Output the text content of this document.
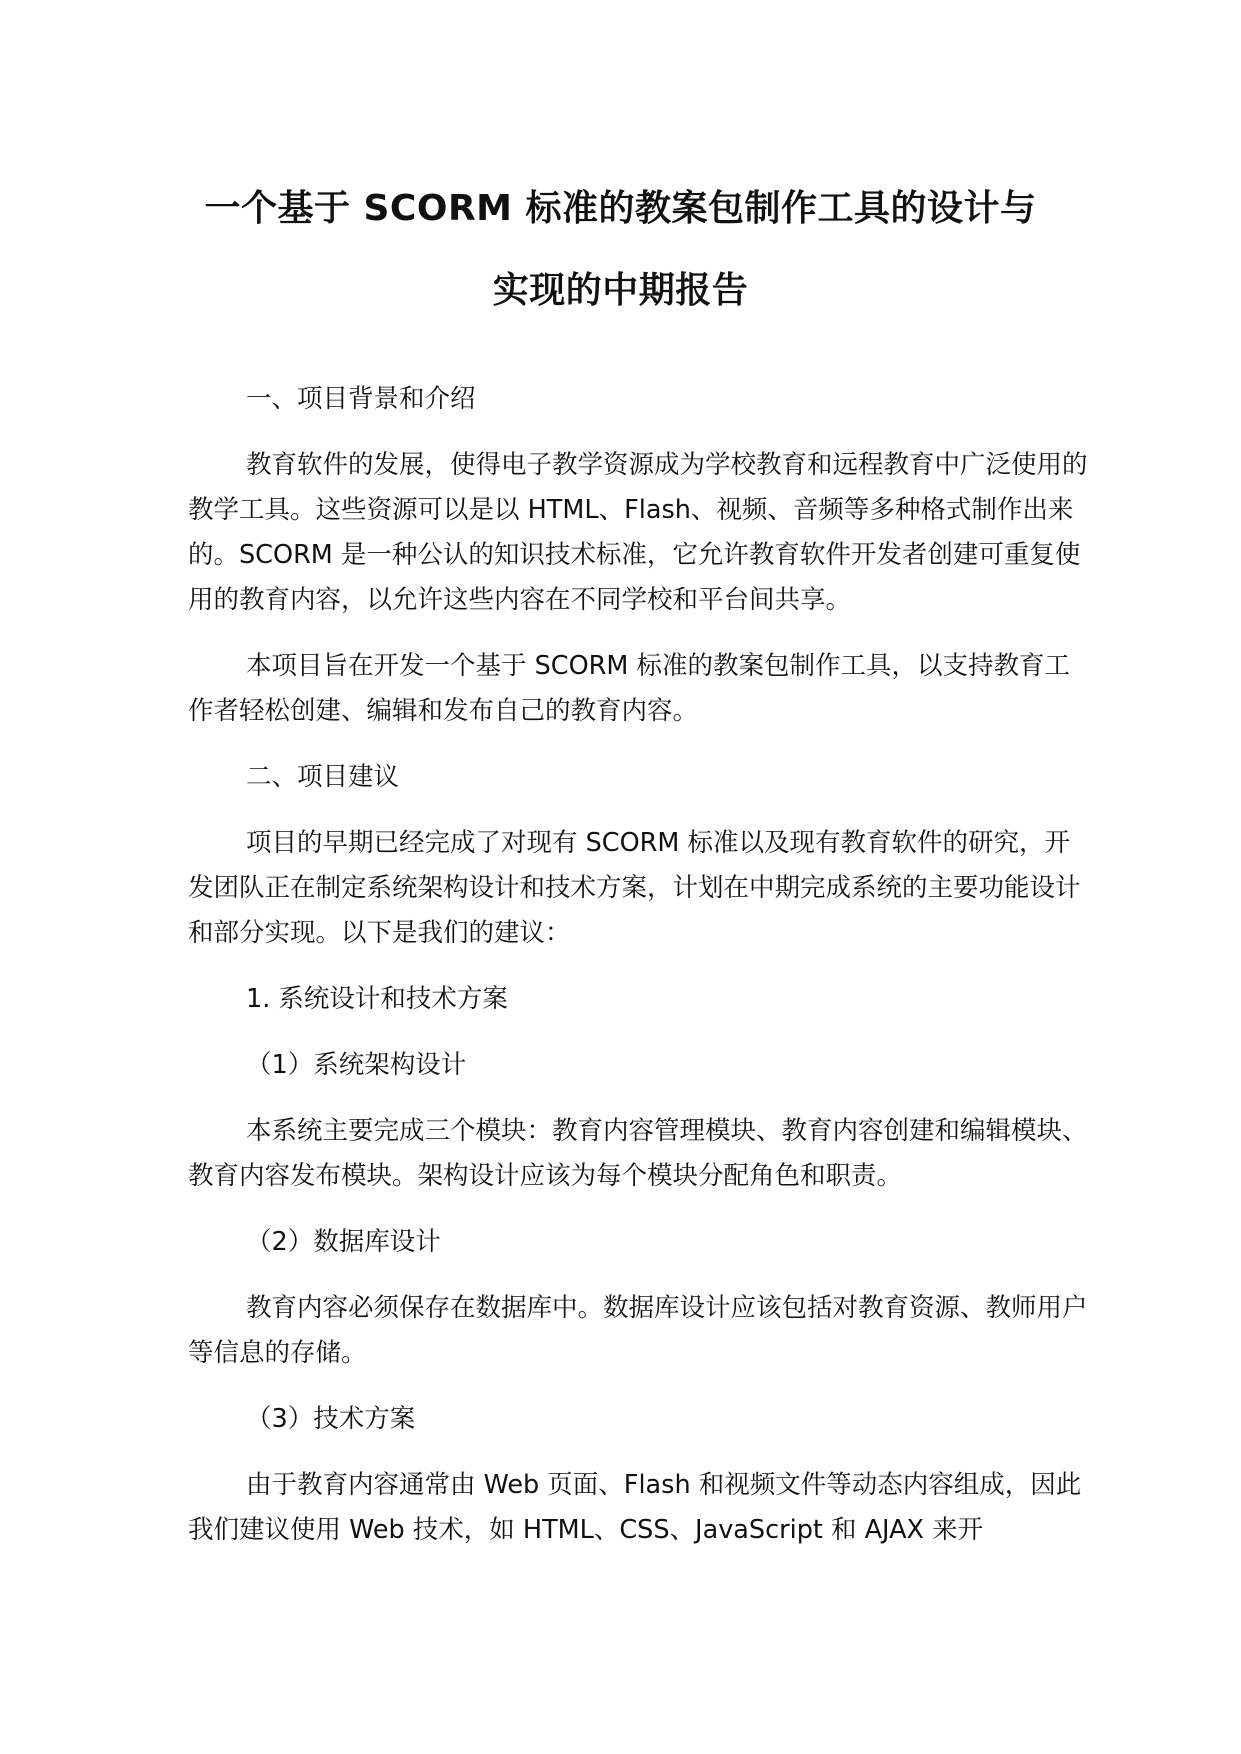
一个基于 SCORM 标准的教案包制作工具的设计与
实现的中期报告

一、项目背景和介绍

教育软件的发展，使得电子教学资源成为学校教育和远程教育中广泛使用的教学工具。这些资源可以是以 HTML、Flash、视频、音频等多种格式制作出来的。SCORM 是一种公认的知识技术标准，它允许教育软件开发者创建可重复使用的教育内容，以允许这些内容在不同学校和平台间共享。

本项目旨在开发一个基于 SCORM 标准的教案包制作工具，以支持教育工作者轻松创建、编辑和发布自己的教育内容。

二、项目建议

项目的早期已经完成了对现有 SCORM 标准以及现有教育软件的研究，开发团队正在制定系统架构设计和技术方案，计划在中期完成系统的主要功能设计和部分实现。以下是我们的建议：

1. 系统设计和技术方案

（1）系统架构设计

本系统主要完成三个模块：教育内容管理模块、教育内容创建和编辑模块、教育内容发布模块。架构设计应该为每个模块分配角色和职责。

（2）数据库设计

教育内容必须保存在数据库中。数据库设计应该包括对教育资源、教师用户等信息的存储。

（3）技术方案

由于教育内容通常由 Web 页面、Flash 和视频文件等动态内容组成，因此我们建议使用 Web 技术，如 HTML、CSS、JavaScript 和 AJAX 来开
